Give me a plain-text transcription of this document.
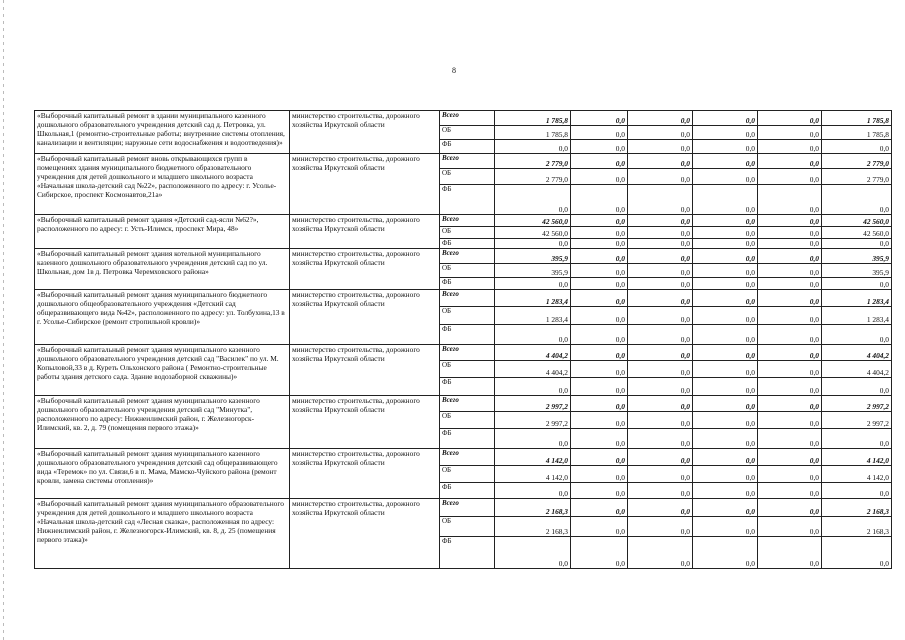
8
«Выборочный капитальный ремонт в здании муниципального казенного дошкольного образовательного учреждения детский сад д. Петровка, ул. Школьная,1 (ремонтно-строительные работы; внутренние системы отопления, канализации и вентиляции; наружные сети водоснабжения и водоотведения)»	министерство строительства, дорожного хозяйства Иркутской области	Всего	1 785,8	0,0	0,0	0,0	0,0	1 785,8
		ОБ	1 785,8	0,0	0,0	0,0	0,0	1 785,8
		ФБ	0,0	0,0	0,0	0,0	0,0	0,0
«Выборочный капитальный ремонт вновь открывающихся групп в помещениях здания муниципального бюджетного образовательного учреждения для детей дошкольного и младшего школьного возраста «Начальная школа-детский сад №22», расположенного по адресу: г. Усолье-Сибирское, проспект Космонавтов,21а»	министерство строительства, дорожного хозяйства Иркутской области	Всего	2 779,0	0,0	0,0	0,0	0,0	2 779,0
		ОБ	2 779,0	0,0	0,0	0,0	0,0	2 779,0
		ФБ	0,0	0,0	0,0	0,0	0,0	0,0
«Выборочный капитальный ремонт здания «Детский сад-ясли №62?», расположенного по адресу: г. Усть-Илимск, проспект Мира, 48»	министерство строительства, дорожного хозяйства Иркутской области	Всего	42 560,0	0,0	0,0	0,0	0,0	42 560,0
		ОБ	42 560,0	0,0	0,0	0,0	0,0	42 560,0
		ФБ	0,0	0,0	0,0	0,0	0,0	0,0
«Выборочный капитальный ремонт здания котельной муниципального казенного дошкольного образовательного учреждения детский сад по ул. Школьная, дом 1в д. Петровка Черемховского района»	министерство строительства, дорожного хозяйства Иркутской области	Всего	395,9	0,0	0,0	0,0	0,0	395,9
		ОБ	395,9	0,0	0,0	0,0	0,0	395,9
		ФБ	0,0	0,0	0,0	0,0	0,0	0,0
«Выборочный капитальный ремонт здания муниципального бюджетного дошкольного общеобразовательного учреждения «Детский сад общеразвивающего вида №42», расположенного по адресу: ул. Толбухина,13 в г. Усолье-Сибирское (ремонт стропильной кровли)»	министерство строительства, дорожного хозяйства Иркутской области	Всего	1 283,4	0,0	0,0	0,0	0,0	1 283,4
		ОБ	1 283,4	0,0	0,0	0,0	0,0	1 283,4
		ФБ	0,0	0,0	0,0	0,0	0,0	0,0
«Выборочный капитальный ремонт здания муниципального казенного дошкольного образовательного учреждения детский сад "Василек" по ул. М. Копыловой,33 в д. Куреть Ольхонского района ( Ремонтно-строительные работы здания детского сада. Здание водозаборной скважины)»	министерство строительства, дорожного хозяйства Иркутской области	Всего	4 404,2	0,0	0,0	0,0	0,0	4 404,2
		ОБ	4 404,2	0,0	0,0	0,0	0,0	4 404,2
		ФБ	0,0	0,0	0,0	0,0	0,0	0,0
«Выборочный капитальный ремонт здания муниципального казенного дошкольного образовательного учреждения детский сад "Минутка", расположенного по адресу: Нижнеилимский район, г. Железногорск-Илимский, кв. 2, д. 79 (помещения первого этажа)»	министерство строительства, дорожного хозяйства Иркутской области	Всего	2 997,2	0,0	0,0	0,0	0,0	2 997,2
		ОБ	2 997,2	0,0	0,0	0,0	0,0	2 997,2
		ФБ	0,0	0,0	0,0	0,0	0,0	0,0
«Выборочный капитальный ремонт здания муниципального казенного дошкольного образовательного учреждения детский сад общеразвивающего вида «Теремок» по ул. Связи,6 в п. Мама, Мамско-Чуйского района (ремонт кровли, замена системы отопления)»	министерство строительства, дорожного хозяйства Иркутской области	Всего	4 142,0	0,0	0,0	0,0	0,0	4 142,0
		ОБ	4 142,0	0,0	0,0	0,0	0,0	4 142,0
		ФБ	0,0	0,0	0,0	0,0	0,0	0,0
«Выборочный капитальный ремонт здания муниципального образовательного учреждения для детей дошкольного и младшего школьного возраста «Начальная школа-детский сад «Лесная сказка», расположенная по адресу: Нижнеилимский район, г. Железногорск-Илимский, кв. 8, д. 25 (помещения первого этажа)»	министерство строительства, дорожного хозяйства Иркутской области	Всего	2 168,3	0,0	0,0	0,0	0,0	2 168,3
		ОБ	2 168,3	0,0	0,0	0,0	0,0	2 168,3
		ФБ	0,0	0,0	0,0	0,0	0,0	0,0
